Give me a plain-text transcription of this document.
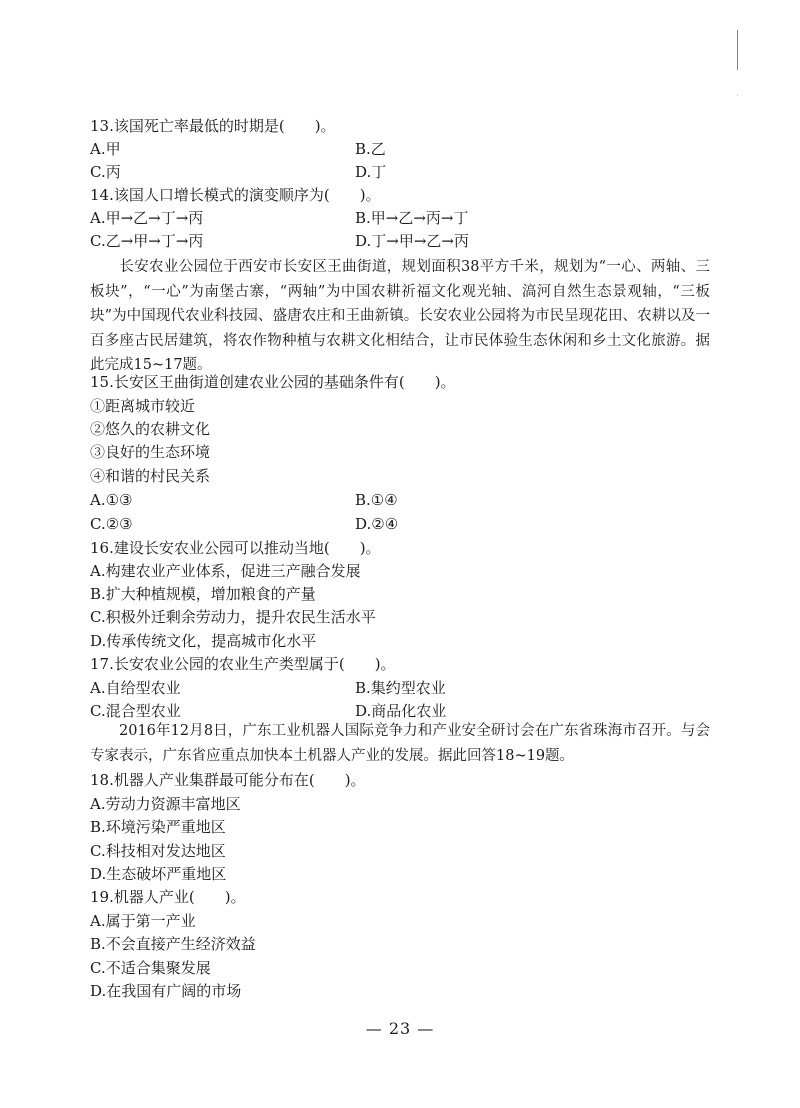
13.该国死亡率最低的时期是(　　)。
A.甲	B.乙
C.丙	D.丁
14.该国人口增长模式的演变顺序为(　　)。
A.甲→乙→丁→丙	B.甲→乙→丙→丁
C.乙→甲→丁→丙	D.丁→甲→乙→丙
长安农业公园位于西安市长安区王曲街道，规划面积38平方千米，规划为“一心、两轴、三板块”，“一心”为南堡古寨，“两轴”为中国农耕祈福文化观光轴、滈河自然生态景观轴，“三板块”为中国现代农业科技园、盛唐农庄和王曲新镇。长安农业公园将为市民呈现花田、农耕以及一百多座古民居建筑，将农作物种植与农耕文化相结合，让市民体验生态休闲和乡土文化旅游。据此完成15~17题。
15.长安区王曲街道创建农业公园的基础条件有(　　)。
①距离城市较近
②悠久的农耕文化
③良好的生态环境
④和谐的村民关系
A.①③	B.①④
C.②③	D.②④
16.建设长安农业公园可以推动当地(　　)。
A.构建农业产业体系，促进三产融合发展
B.扩大种植规模，增加粮食的产量
C.积极外迁剩余劳动力，提升农民生活水平
D.传承传统文化，提高城市化水平
17.长安农业公园的农业生产类型属于(　　)。
A.自给型农业	B.集约型农业
C.混合型农业	D.商品化农业
2016年12月8日，广东工业机器人国际竞争力和产业安全研讨会在广东省珠海市召开。与会专家表示，广东省应重点加快本土机器人产业的发展。据此回答18~19题。
18.机器人产业集群最可能分布在(　　)。
A.劳动力资源丰富地区
B.环境污染严重地区
C.科技相对发达地区
D.生态破坏严重地区
19.机器人产业(　　)。
A.属于第一产业
B.不会直接产生经济效益
C.不适合集聚发展
D.在我国有广阔的市场
— 23 —
